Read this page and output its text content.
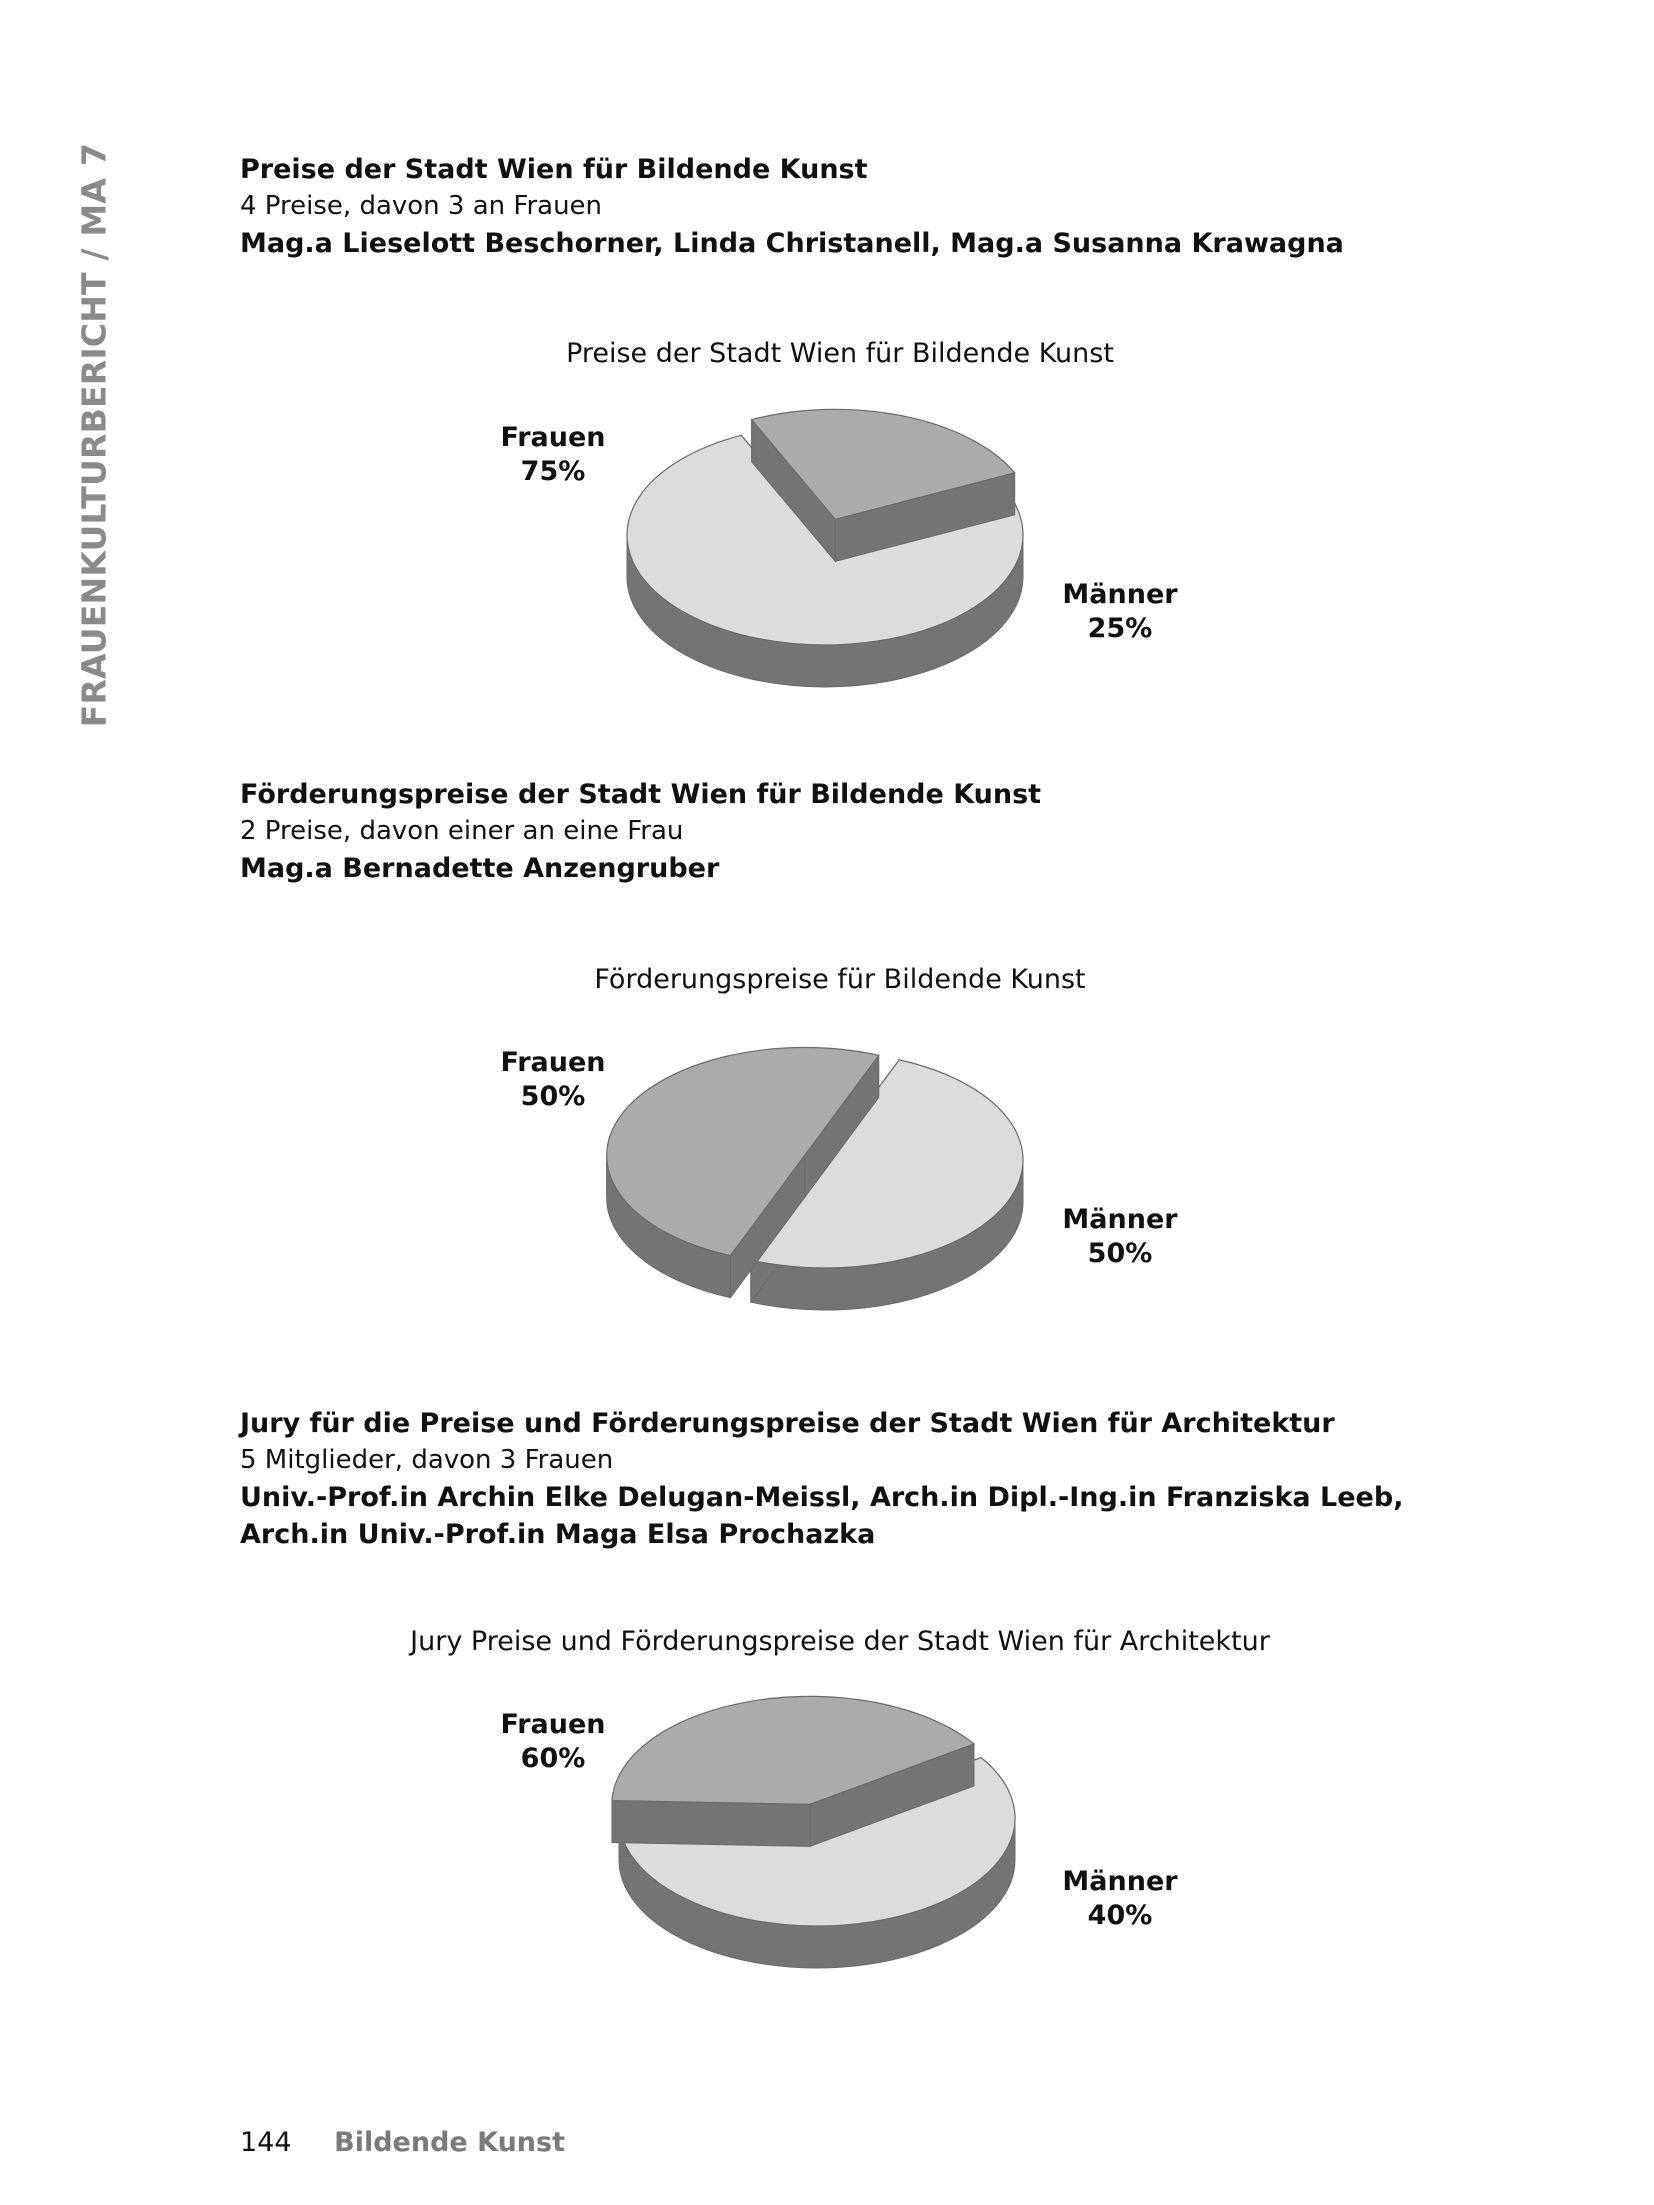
FRAUENKULTURBERICHT / MA 7	Preise der Stadt Wien für Bildende Kunst
4 Preise, davon 3 an Frauen
Mag.a Lieselott Beschorner, Linda Christanell, Mag.a Susanna Krawagna
Preise der Stadt Wien für Bildende Kunst
Frauen
75%
Männer
25%
Förderungspreise der Stadt Wien für Bildende Kunst
2 Preise, davon einer an eine Frau
Mag.a Bernadette Anzengruber
Förderungspreise für Bildende Kunst
Frauen
50%
Männer
50%
Jury für die Preise und Förderungspreise der Stadt Wien für Architektur
5 Mitglieder, davon 3 Frauen
Univ.-Prof.in Archin Elke Delugan-Meissl, Arch.in Dipl.-Ing.in Franziska Leeb, Arch.in Univ.-Prof.in Maga Elsa Prochazka
Jury Preise und Förderungspreise der Stadt Wien für Architektur
Frauen
60%
Männer
40%
144 Bildende Kunst
